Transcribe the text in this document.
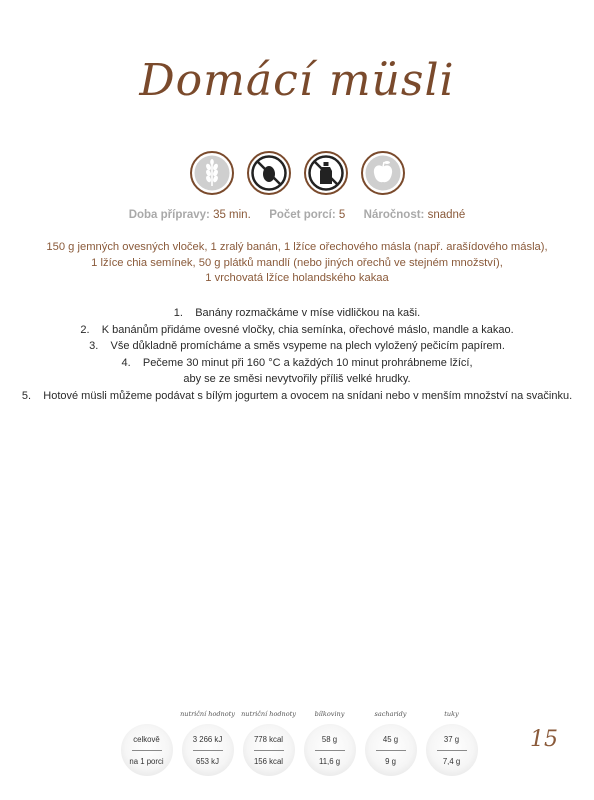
Domácí müsli
Doba přípravy: 35 min. Počet porcí: 5 Náročnost: snadné
150 g jemných ovesných vloček, 1 zralý banán, 1 lžíce ořechového másla (např. arašídového másla),
1 lžíce chia semínek, 50 g plátků mandlí (nebo jiných ořechů ve stejném množství),
1 vrchovatá lžíce holandského kakaa
1.    Banány rozmačkáme v míse vidličkou na kaši.
2.    K banánům přidáme ovesné vločky, chia semínka, ořechové máslo, mandle a kakao.
3.    Vše důkladně promícháme a směs vsypeme na plech vyložený pečicím papírem.
4.    Pečeme 30 minut při 160 °C a každých 10 minut prohrábneme lžící,
aby se ze směsi nevytvořily příliš velké hrudky.
5.    Hotové müsli můžeme podávat s bílým jogurtem a ovocem na snídani nebo v menším množství na svačinku.
celkově
na 1 porci
nutriční hodnoty
3 266 kJ
653 kJ
nutriční hodnoty
778 kcal
156 kcal
bílkoviny
58 g
11,6 g
sacharidy
45 g
9 g
tuky
37 g
7,4 g
15
